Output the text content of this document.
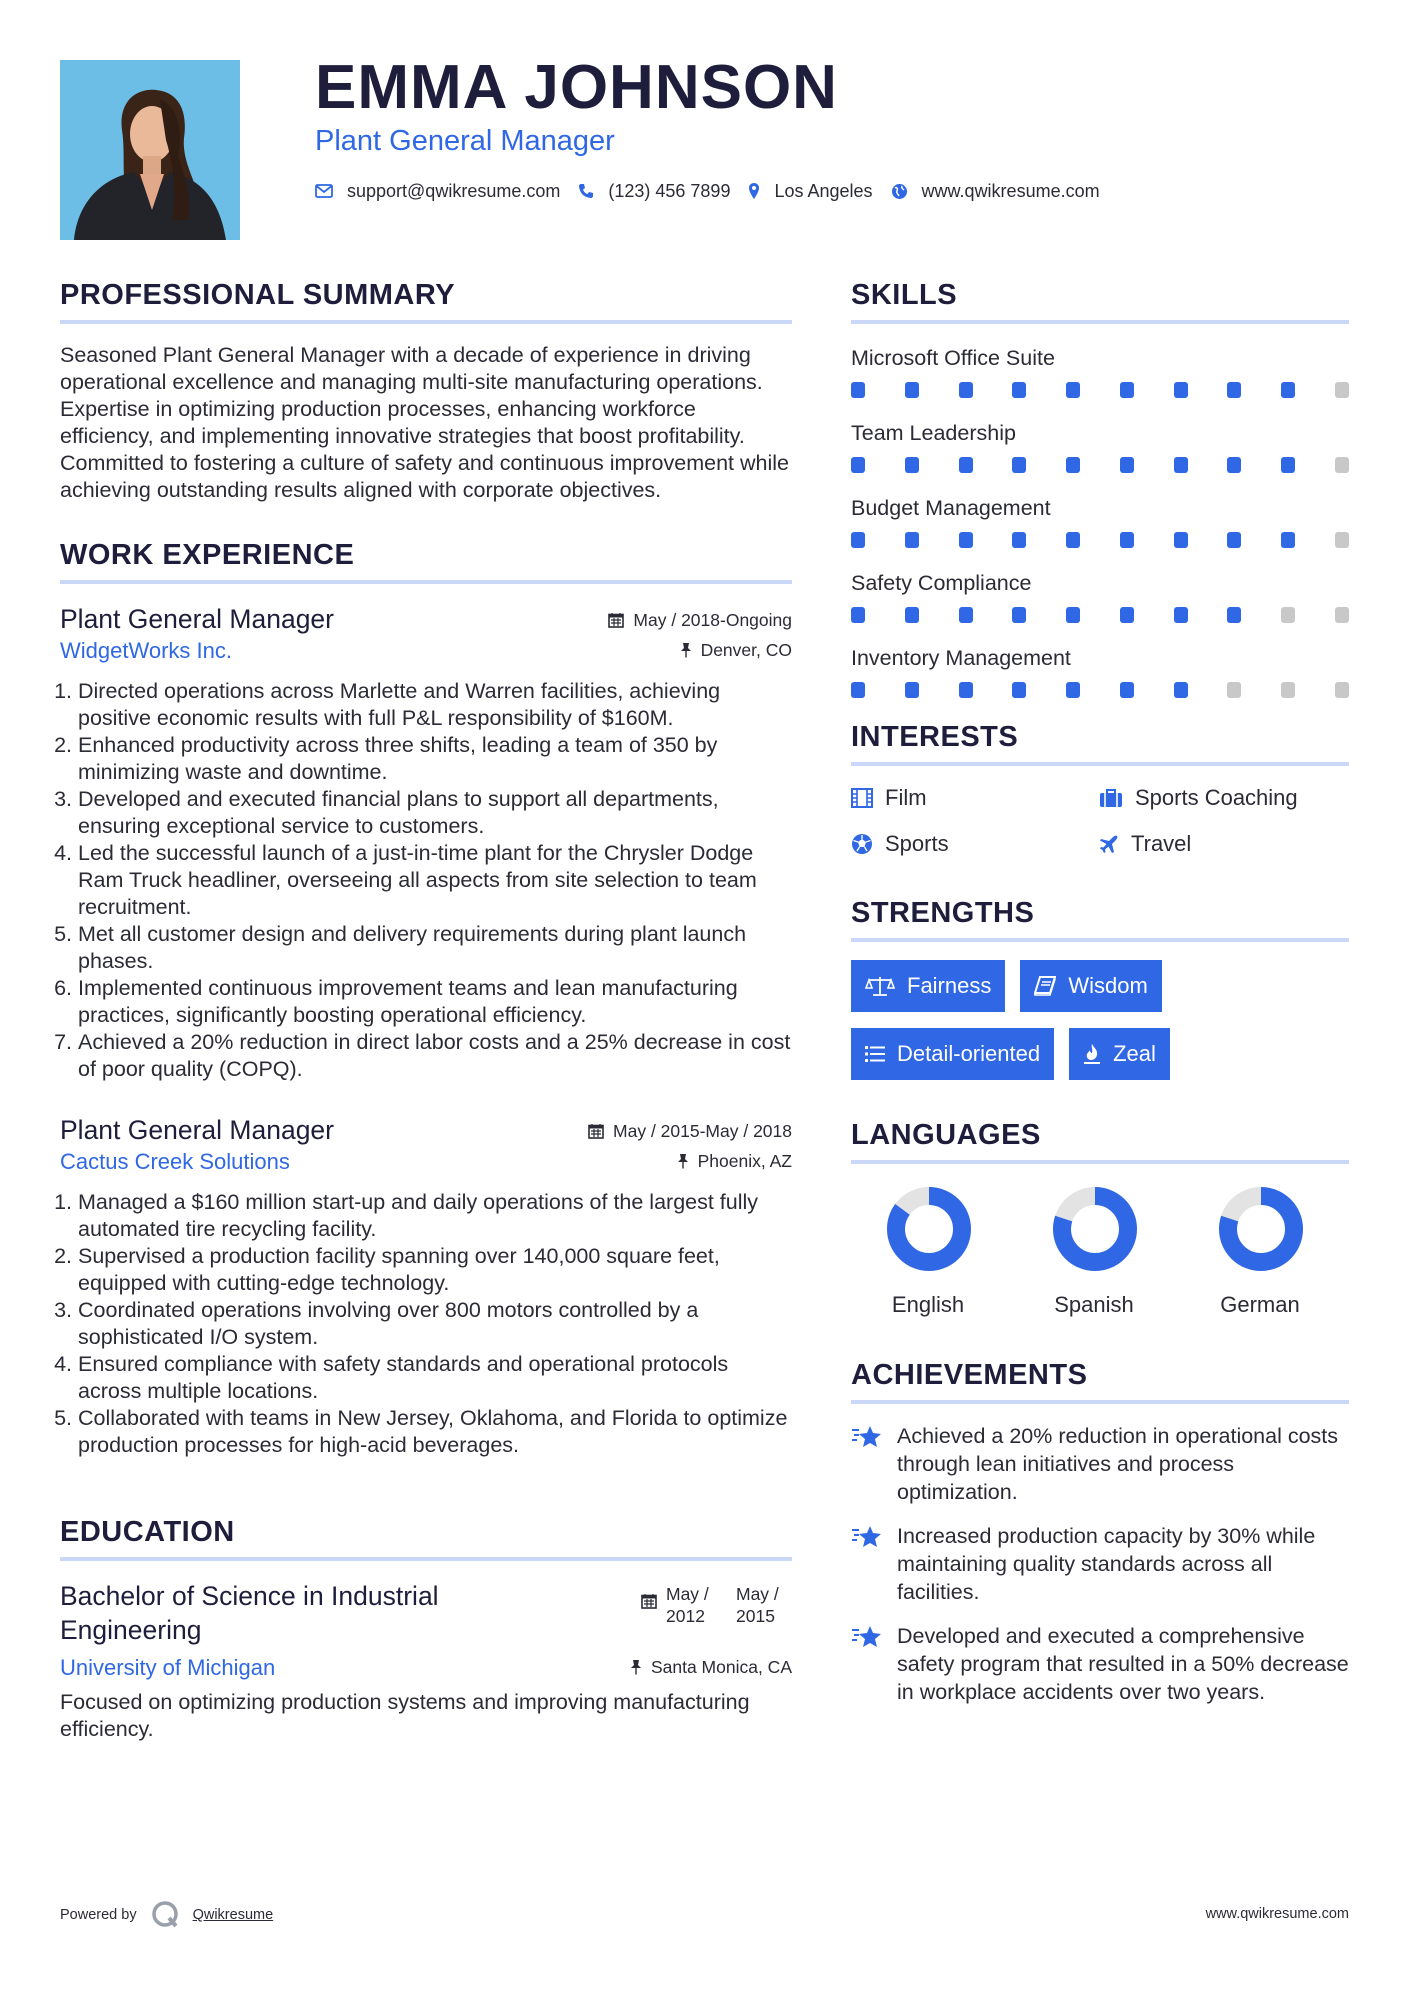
EMMA JOHNSON
Plant General Manager
support@qwikresume.com	(123) 456 7899 Los Angeles	www.qwikresume.com
PROFESSIONAL SUMMARY
Seasoned Plant General Manager with a decade of experience in driving operational excellence and managing multi-site manufacturing operations. Expertise in optimizing production processes, enhancing workforce efficiency, and implementing innovative strategies that boost profitability. Committed to fostering a culture of safety and continuous improvement while achieving outstanding results aligned with corporate objectives.
WORK EXPERIENCE
Plant General Manager	May / 2018-Ongoing
WidgetWorks Inc.	Denver, CO
1. Directed operations across Marlette and Warren facilities, achieving positive economic results with full P&L responsibility of $160M.
2. Enhanced productivity across three shifts, leading a team of 350 by minimizing waste and downtime.
3. Developed and executed financial plans to support all departments, ensuring exceptional service to customers.
4. Led the successful launch of a just-in-time plant for the Chrysler Dodge Ram Truck headliner, overseeing all aspects from site selection to team recruitment.
5. Met all customer design and delivery requirements during plant launch phases.
6. Implemented continuous improvement teams and lean manufacturing practices, significantly boosting operational efficiency.
7. Achieved a 20% reduction in direct labor costs and a 25% decrease in cost of poor quality (COPQ).
Plant General Manager	May / 2015-May / 2018
Cactus Creek Solutions	Phoenix, AZ
1. Managed a $160 million start-up and daily operations of the largest fully automated tire recycling facility.
2. Supervised a production facility spanning over 140,000 square feet, equipped with cutting-edge technology.
3. Coordinated operations involving over 800 motors controlled by a sophisticated I/O system.
4. Ensured compliance with safety standards and operational protocols across multiple locations.
5. Collaborated with teams in New Jersey, Oklahoma, and Florida to optimize production processes for high-acid beverages.
EDUCATION
Bachelor of Science in Industrial Engineering
May /
2012
May /
2015
University of Michigan	Santa Monica, CA
Focused on optimizing production systems and improving manufacturing efficiency.
SKILLS
Microsoft Office Suite
Team Leadership
Budget Management
Safety Compliance
Inventory Management
INTERESTS
Film	Sports Coaching
Sports	Travel
STRENGTHS
Fairness	Wisdom
Detail-oriented	Zeal
LANGUAGES
English	Spanish	German
ACHIEVEMENTS
Achieved a 20% reduction in operational costs through lean initiatives and process optimization.
Increased production capacity by 30% while maintaining quality standards across all facilities.
Developed and executed a comprehensive safety program that resulted in a 50% decrease in workplace accidents over two years.
Powered by	Qwikresume	www.qwikresume.com
